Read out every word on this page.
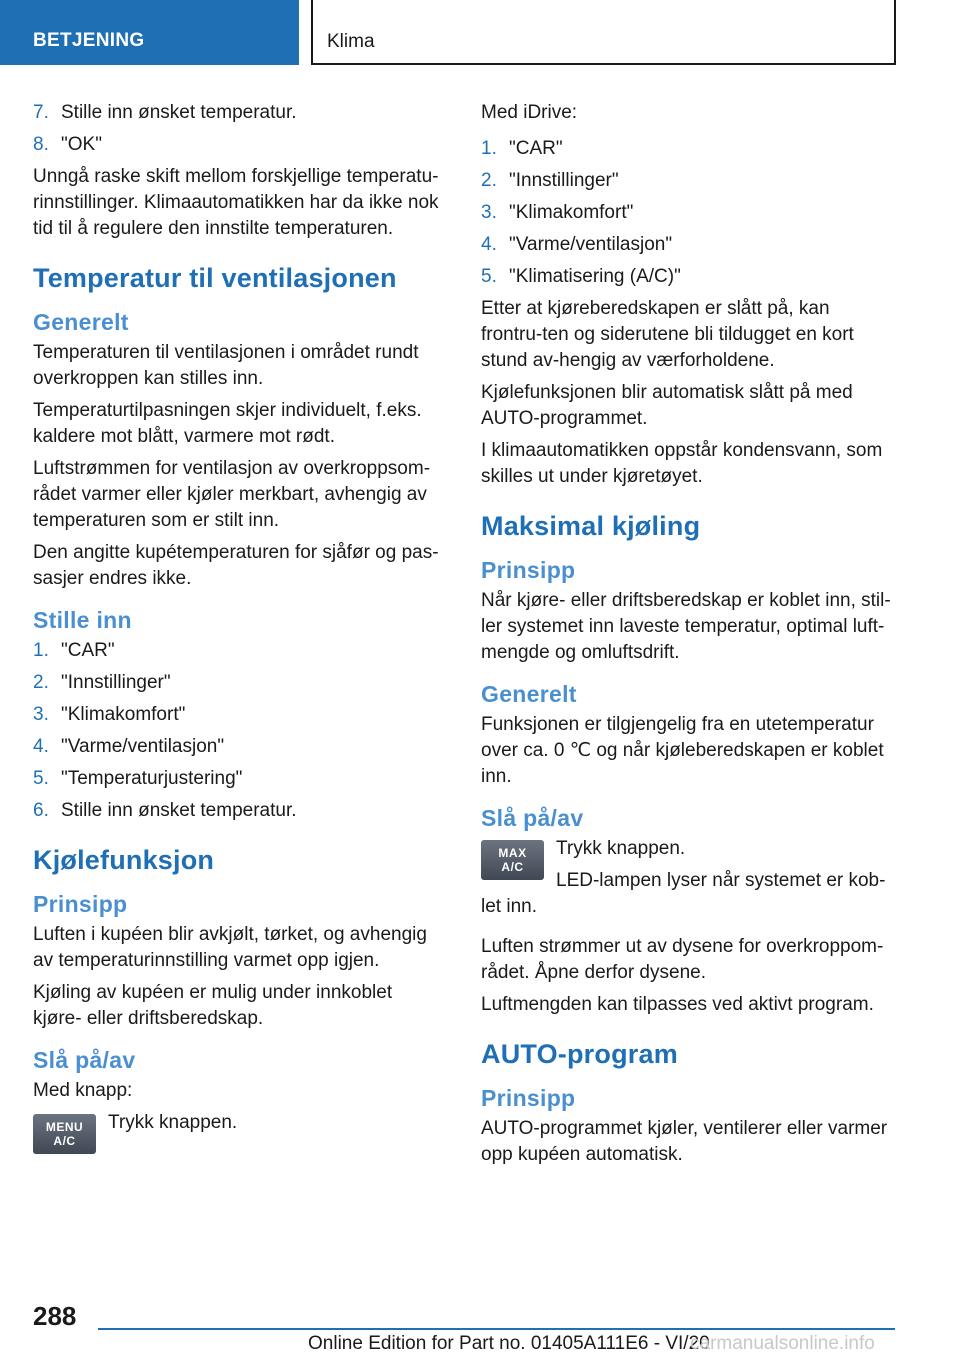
BETJENING	Klima
7. Stille inn ønsket temperatur.
8. "OK"
Unngå raske skift mellom forskjellige temperatu‐rinnstillinger. Klimaautomatikken har da ikke nok tid til å regulere den innstilte temperaturen.
Temperatur til ventilasjonen
Generelt
Temperaturen til ventilasjonen i området rundt overkroppen kan stilles inn.
Temperaturtilpasningen skjer individuelt, f.eks. kaldere mot blått, varmere mot rødt.
Luftstrømmen for ventilasjon av overkroppsom‐rådet varmer eller kjøler merkbart, avhengig av temperaturen som er stilt inn.
Den angitte kupétemperaturen for sjåfør og pas‐sasjer endres ikke.
Stille inn
1. "CAR"
2. "Innstillinger"
3. "Klimakomfort"
4. "Varme/ventilasjon"
5. "Temperaturjustering"
6. Stille inn ønsket temperatur.
Kjølefunksjon
Prinsipp
Luften i kupéen blir avkjølt, tørket, og avhengig av temperaturinnstilling varmet opp igjen.
Kjøling av kupéen er mulig under innkoblet kjøre- eller driftsberedskap.
Slå på/av
Med knapp:
MENU
A/C
Trykk knappen.
Med iDrive:
1. "CAR"
2. "Innstillinger"
3. "Klimakomfort"
4. "Varme/ventilasjon"
5. "Klimatisering (A/C)"
Etter at kjøreberedskapen er slått på, kan frontru‐ten og siderutene bli tildugget en kort stund av‐hengig av værforholdene.
Kjølefunksjonen blir automatisk slått på med AUTO-programmet.
I klimaautomatikken oppstår kondensvann, som skilles ut under kjøretøyet.
Maksimal kjøling
Prinsipp
Når kjøre- eller driftsberedskap er koblet inn, stil‐ler systemet inn laveste temperatur, optimal luft‐mengde og omluftsdrift.
Generelt
Funksjonen er tilgjengelig fra en utetemperatur over ca. 0 ℃ og når kjøleberedskapen er koblet inn.
Slå på/av
MAX
A/C
Trykk knappen.
LED-lampen lyser når systemet er kob‐let inn.
Luften strømmer ut av dysene for overkroppom‐rådet. Åpne derfor dysene.
Luftmengden kan tilpasses ved aktivt program.
AUTO-program
Prinsipp
AUTO-programmet kjøler, ventilerer eller varmer opp kupéen automatisk.
288
Online Edition for Part no. 01405A111E6 - VI/20
carmanualsonline.info
